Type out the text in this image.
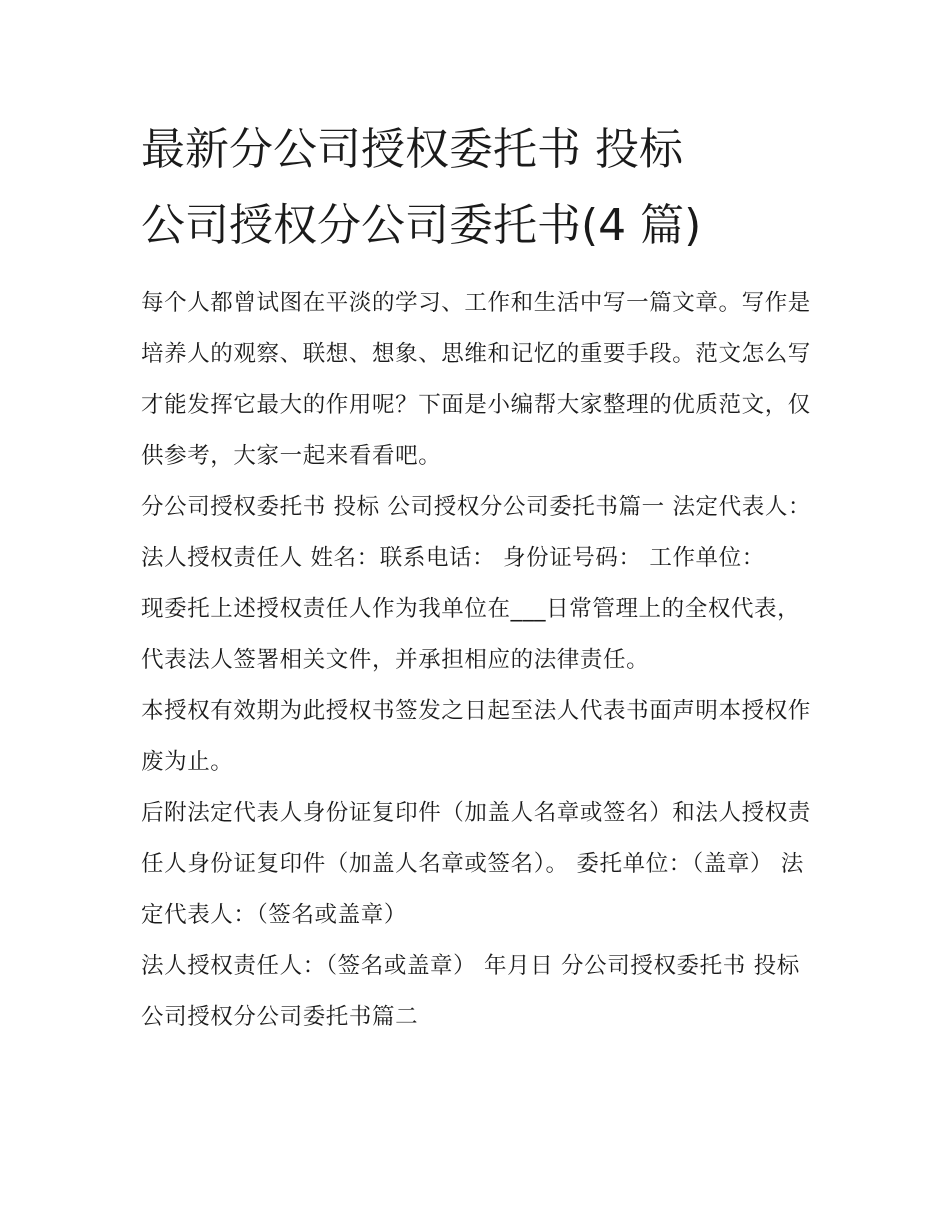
最新分公司授权委托书 投标
公司授权分公司委托书(4 篇)

每个人都曾试图在平淡的学习、工作和生活中写一篇文章。写作是培养人的观察、联想、想象、思维和记忆的重要手段。范文怎么写才能发挥它最大的作用呢？下面是小编帮大家整理的优质范文，仅供参考，大家一起来看看吧。

分公司授权委托书 投标 公司授权分公司委托书篇一 法定代表人： 法人授权责任人 姓名：联系电话： 身份证号码： 工作单位：

现委托上述授权责任人作为我单位在___日常管理上的全权代表，代表法人签署相关文件，并承担相应的法律责任。

本授权有效期为此授权书签发之日起至法人代表书面声明本授权作废为止。

后附法定代表人身份证复印件（加盖人名章或签名）和法人授权责任人身份证复印件（加盖人名章或签名）。 委托单位：（盖章） 法定代表人：（签名或盖章）

法人授权责任人：（签名或盖章） 年月日 分公司授权委托书 投标 公司授权分公司委托书篇二
